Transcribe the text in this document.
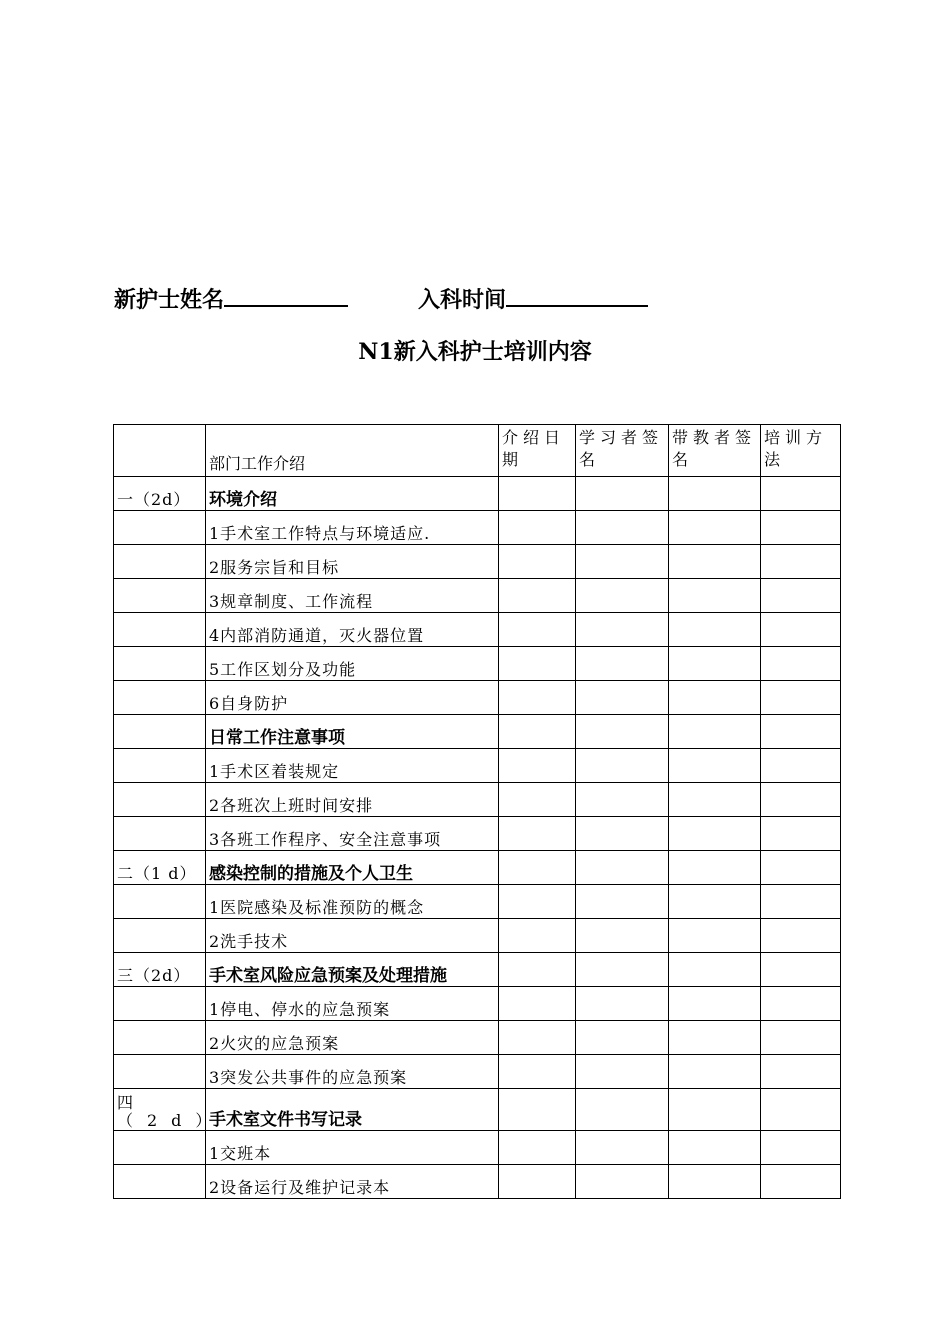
新护士姓名	入科时间
N1新入科护士培训内容
	部门工作介绍	介绍日期	学习者签名	带教者签名	培训方法
一（2d）	环境介绍				
	1手术室工作特点与环境适应.				
	2服务宗旨和目标				
	3规章制度、工作流程				
	4内部消防通道，灭火器位置				
	5工作区划分及功能				
	6自身防护				
	日常工作注意事项				
	1手术区着装规定				
	2各班次上班时间安排				
	3各班工作程序、安全注意事项				
二（1 d）	感染控制的措施及个人卫生				
	1医院感染及标准预防的概念				
	2洗手技术				
三（2d）	手术室风险应急预案及处理措施				
	1停电、停水的应急预案				
	2火灾的应急预案				
	3突发公共事件的应急预案				
四（2d）	手术室文件书写记录				
	1交班本				
	2设备运行及维护记录本				
